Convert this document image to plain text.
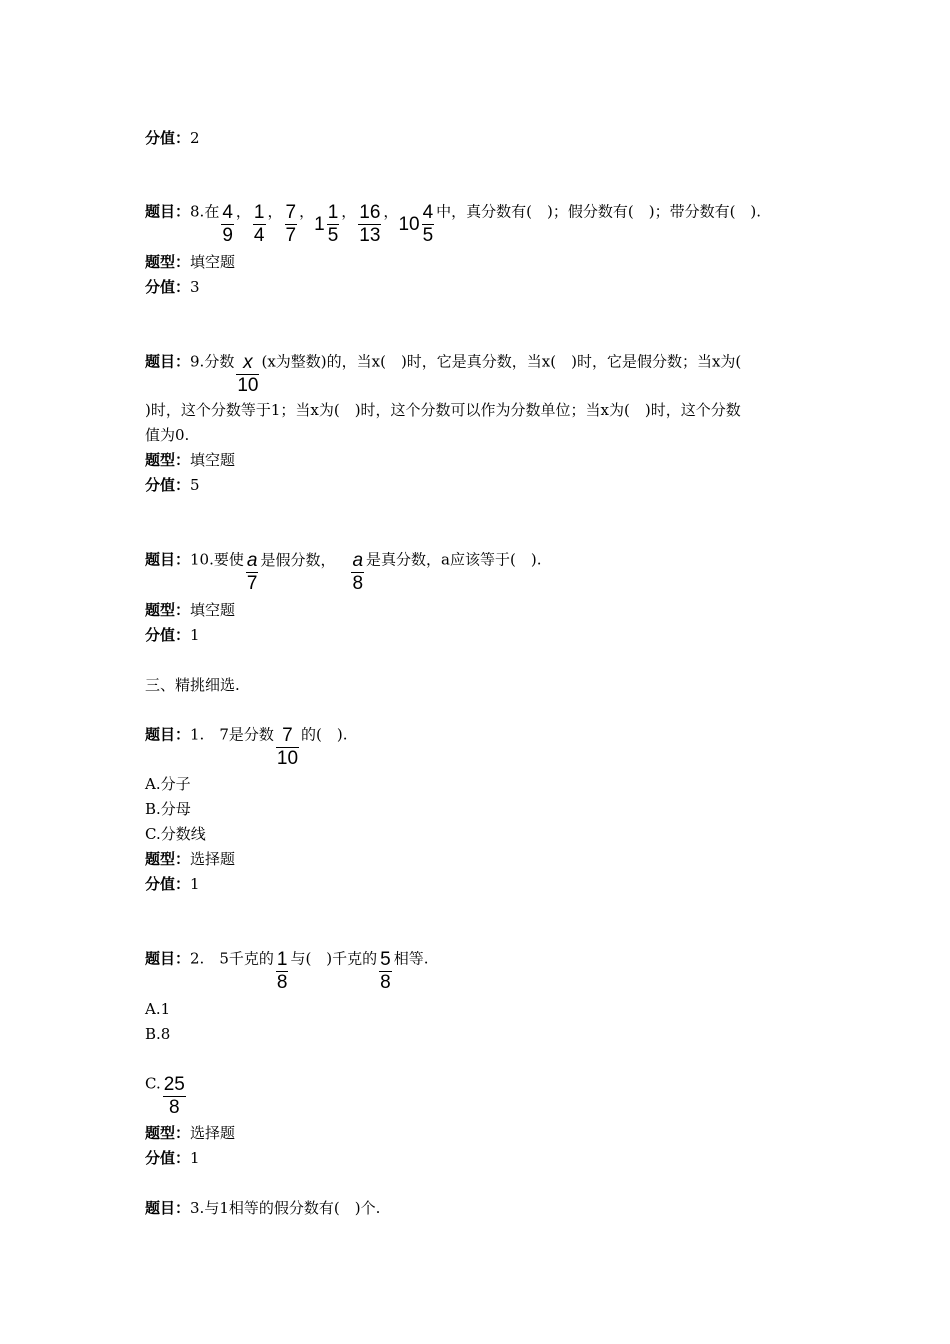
分值：2
题目：8.在 $\frac{4}{9}$ ， $\frac{1}{4}$ ， $\frac{7}{7}$ ，$1 \frac{1}{5}$ ， $\frac{16}{13}$ ，$10 \frac{4}{5}$ 中，真分数有(　)；假分数有(　)；带分数有(　).
题型：填空题
分值：3
题目：9.分数 $\frac{x}{10} (x$为整数)的，当x(　)时，它是真分数，当x(　)时，它是假分数；当x为(
)时，这个分数等于1；当x为(　)时，这个分数可以作为分数单位；当x为(　)时，这个分数
值为0.
题型：填空题
分值：5
题目：10.要使 $\frac{a}{7}$ 是假分数， $\frac{a}{8}$ 是真分数，a应该等于(　).
题型：填空题
分值：1
三、精挑细选.
题目：1.　7是分数 $\frac{7}{10}$ 的(　).
A.分子
B.分母
C.分数线
题型：选择题
分值：1
题目：2.　5千克的 $\frac{1}{8}$ 与(　)千克的 $\frac{5}{8}$ 相等.
A.1
B.8
C. $\frac{25}{8}$
题型：选择题
分值：1
题目：3.与1相等的假分数有(　)个.
